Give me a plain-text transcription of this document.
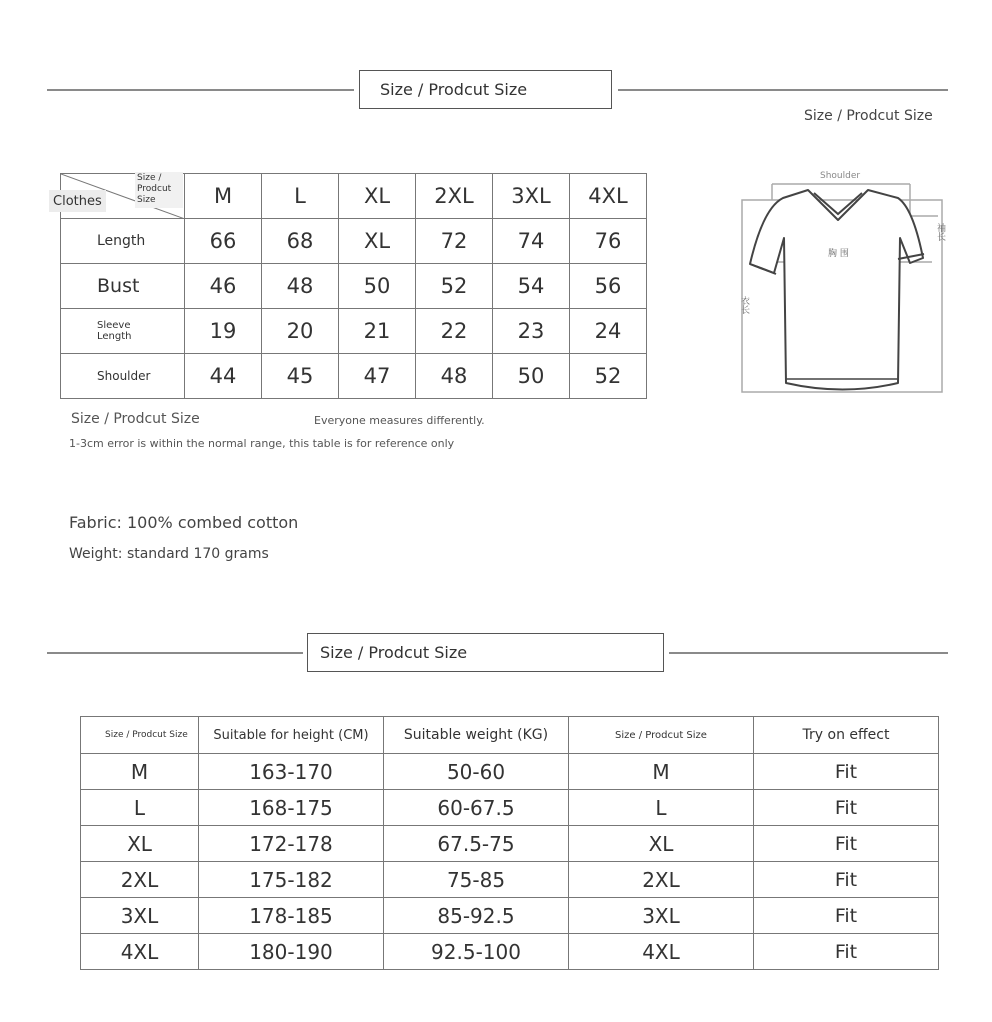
Size / Prodcut Size
Size / Prodcut Size
Size / Prodcut Size
Clothes	M	L	XL	2XL	3XL	4XL
Length	66	68	XL	72	74	76
Bust	46	48	50	52	54	56

Sleeve Length	19	20	21	22	23	24
Shoulder	44	45	47	48	50	52
Shoulder
胸 围
衣长
袖长
Size / Prodcut Size	Everyone measures differently.
1-3cm error is within the normal range, this table is for reference only
Fabric: 100% combed cotton
Weight: standard 170 grams
Size / Prodcut Size
Size / Prodcut Size	Suitable for height (CM)	Suitable weight (KG)	Size / Prodcut Size	Try on effect
M	163-170	50-60	M	Fit
L	168-175	60-67.5	L	Fit
XL	172-178	67.5-75	XL	Fit
2XL	175-182	75-85	2XL	Fit
3XL	178-185	85-92.5	3XL	Fit
4XL	180-190	92.5-100	4XL	Fit
